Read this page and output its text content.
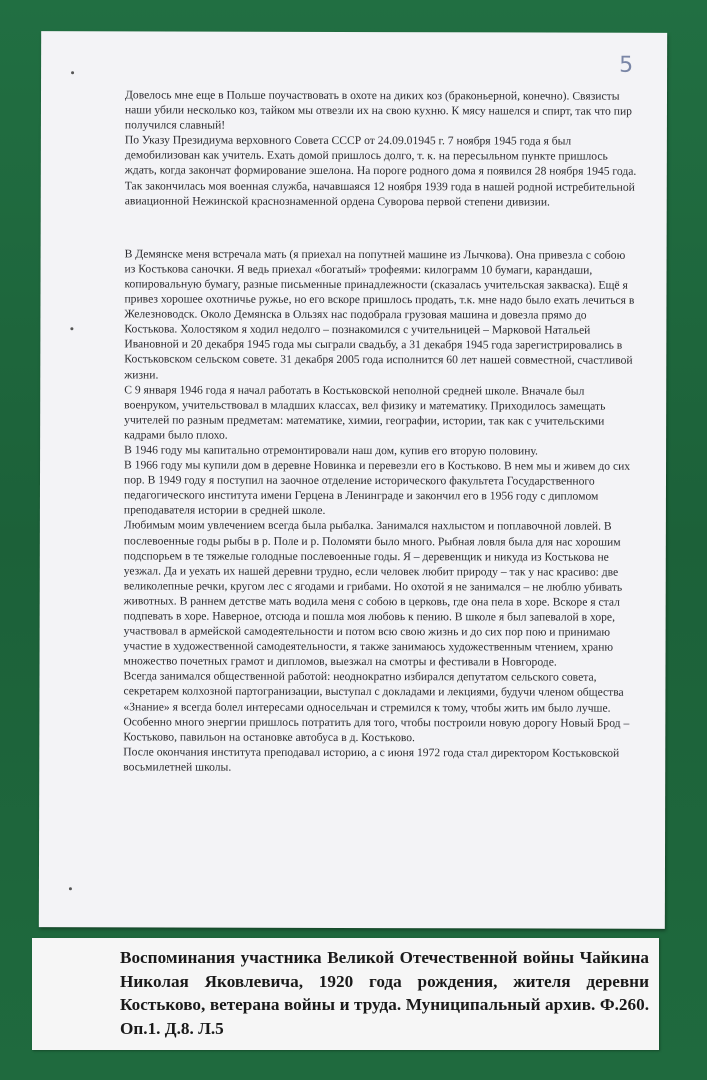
5

Довелось мне еще в Польше поучаствовать в охоте на диких коз (браконьерной, конечно). Связисты наши убили несколько коз, тайком мы отвезли их на свою кухню. К мясу нашелся и спирт, так что пир получился славный!

По Указу Президиума верховного Совета СССР от 24.09.01945 г. 7 ноября 1945 года я был демобилизован как учитель. Ехать домой пришлось долго, т. к. на пересыльном пункте пришлось ждать, когда закончат формирование эшелона. На пороге родного дома я появился 28 ноября 1945 года.

Так закончилась моя военная служба, начавшаяся 12 ноября 1939 года в нашей родной истребительной авиационной Нежинской краснознаменной ордена Суворова первой степени дивизии.

В Демянске меня встречала мать (я приехал на попутней машине из Лычкова). Она привезла с собою из Костькова саночки. Я ведь приехал «богатый» трофеями: килограмм 10 бумаги, карандаши, копировальную бумагу, разные письменные принадлежности (сказалась учительская закваска). Ещё я привез хорошее охотничье ружье, но его вскоре пришлось продать, т.к. мне надо было ехать лечиться в Железноводск. Около Демянска в Ользях нас подобрала грузовая машина и довезла прямо до Костькова. Холостяком я ходил недолго – познакомился с учительницей – Марковой Натальей Ивановной и 20 декабря 1945 года мы сыграли свадьбу, а 31 декабря 1945 года зарегистрировались в Костьковском сельском совете. 31 декабря 2005 года исполнится 60 лет нашей совместной, счастливой жизни.

С 9 января 1946 года я начал работать в Костьковской неполной средней школе. Вначале был военруком, учительствовал в младших классах, вел физику и математику. Приходилось замещать учителей по разным предметам: математике, химии, географии, истории, так как с учительскими кадрами было плохо.

В 1946 году мы капитально отремонтировали наш дом, купив его вторую половину.

В 1966 году мы купили дом в деревне Новинка и перевезли его в Костьково. В нем мы и живем до сих пор. В 1949 году я поступил на заочное отделение исторического факультета Государственного педагогического института имени Герцена в Ленинграде и закончил его в 1956 году с дипломом преподавателя истории в средней школе.

Любимым моим увлечением всегда была рыбалка. Занимался нахлыстом и поплавочной ловлей. В послевоенные годы рыбы в р. Поле и р. Поломяти было много. Рыбная ловля была для нас хорошим подспорьем в те тяжелые голодные послевоенные годы. Я – деревенщик и никуда из Костькова не уезжал. Да и уехать их нашей деревни трудно, если человек любит природу – так у нас красиво: две великолепные речки, кругом лес с ягодами и грибами. Но охотой я не занимался – не люблю убивать животных. В раннем детстве мать водила меня с собою в церковь, где она пела в хоре. Вскоре я стал подпевать в хоре. Наверное, отсюда и пошла моя любовь к пению. В школе я был запевалой в хоре, участвовал в армейской самодеятельности и потом всю свою жизнь и до сих пор пою и принимаю участие в художественной самодеятельности, я также занимаюсь художественным чтением, храню множество почетных грамот и дипломов, выезжал на смотры и фестивали в Новгороде.

Всегда занимался общественной работой: неоднократно избирался депутатом сельского совета, секретарем колхозной партогранизации, выступал с докладами и лекциями, будучи членом общества «Знание» я всегда болел интересами односельчан и стремился к тому, чтобы жить им было лучше. Особенно много энергии пришлось потратить для того, чтобы построили новую дорогу Новый Брод – Костьково, павильон на остановке автобуса в д. Костьково.

После окончания института преподавал историю, а с июня 1972 года стал директором Костьковской восьмилетней школы.

Воспоминания участника Великой Отечественной войны Чайкина Николая Яковлевича, 1920 года рождения, жителя деревни Костьково, ветерана войны и труда. Муниципальный архив. Ф.260. Оп.1. Д.8. Л.5
